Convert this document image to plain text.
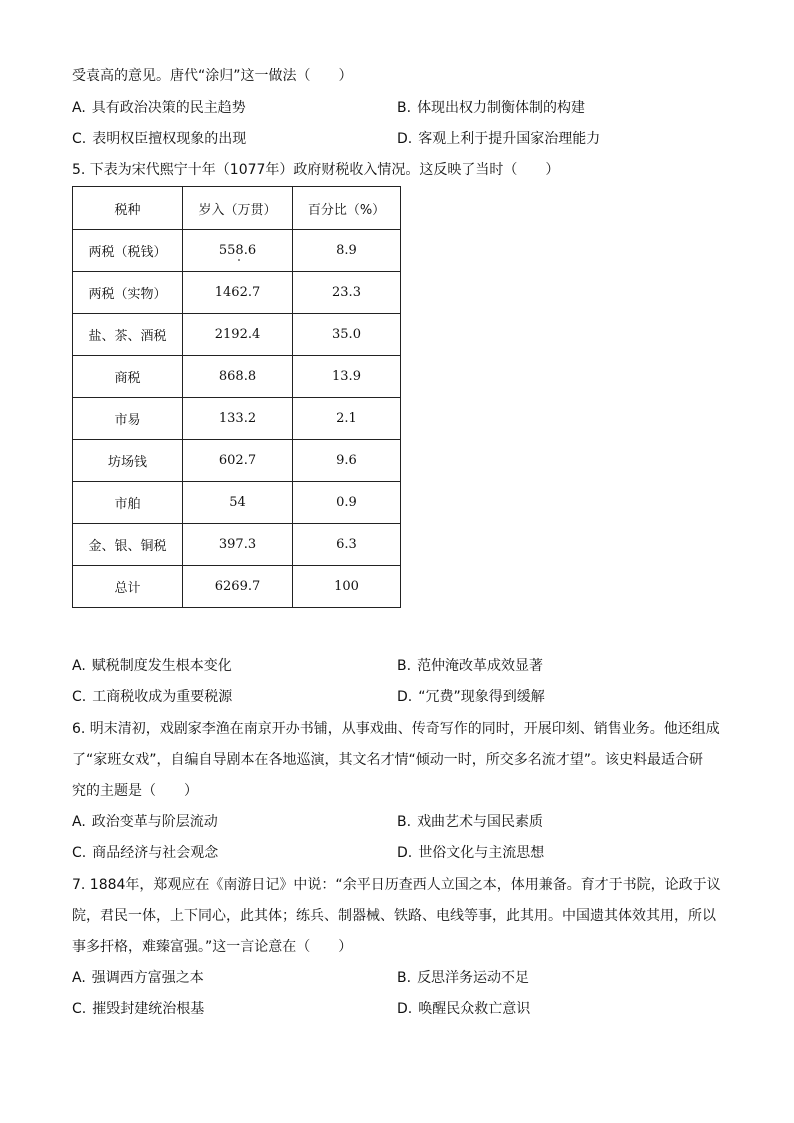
受袁高的意见。唐代“涂归”这一做法（　　）
A. 具有政治决策的民主趋势	B. 体现出权力制衡体制的构建
C. 表明权臣擅权现象的出现	D. 客观上利于提升国家治理能力
5. 下表为宋代熙宁十年（1077年）政府财税收入情况。这反映了当时（　　）
税种	岁入（万贯）	百分比（%）
两税（税钱）	558.6	8.9
两税（实物）	1462.7	23.3
盐、茶、酒税	2192.4	35.0
商税	868.8	13.9
市易	133.2	2.1
坊场钱	602.7	9.6
市舶	54	0.9
金、银、铜税	397.3	6.3
总计	6269.7	100
A. 赋税制度发生根本变化	B. 范仲淹改革成效显著
C. 工商税收成为重要税源	D. “冗费”现象得到缓解
6. 明末清初，戏剧家李渔在南京开办书铺，从事戏曲、传奇写作的同时，开展印刻、销售业务。他还组成
了“家班女戏”，自编自导剧本在各地巡演，其文名才情“倾动一时，所交多名流才望”。该史料最适合研
究的主题是（　　）
A. 政治变革与阶层流动	B. 戏曲艺术与国民素质
C. 商品经济与社会观念	D. 世俗文化与主流思想
7. 1884年，郑观应在《南游日记》中说：“余平日历查西人立国之本，体用兼备。育才于书院，论政于议
院，君民一体，上下同心，此其体；练兵、制器械、铁路、电线等事，此其用。中国遗其体效其用，所以
事多扞格，难臻富强。”这一言论意在（　　）
A. 强调西方富强之本	B. 反思洋务运动不足
C. 摧毁封建统治根基	D. 唤醒民众救亡意识
